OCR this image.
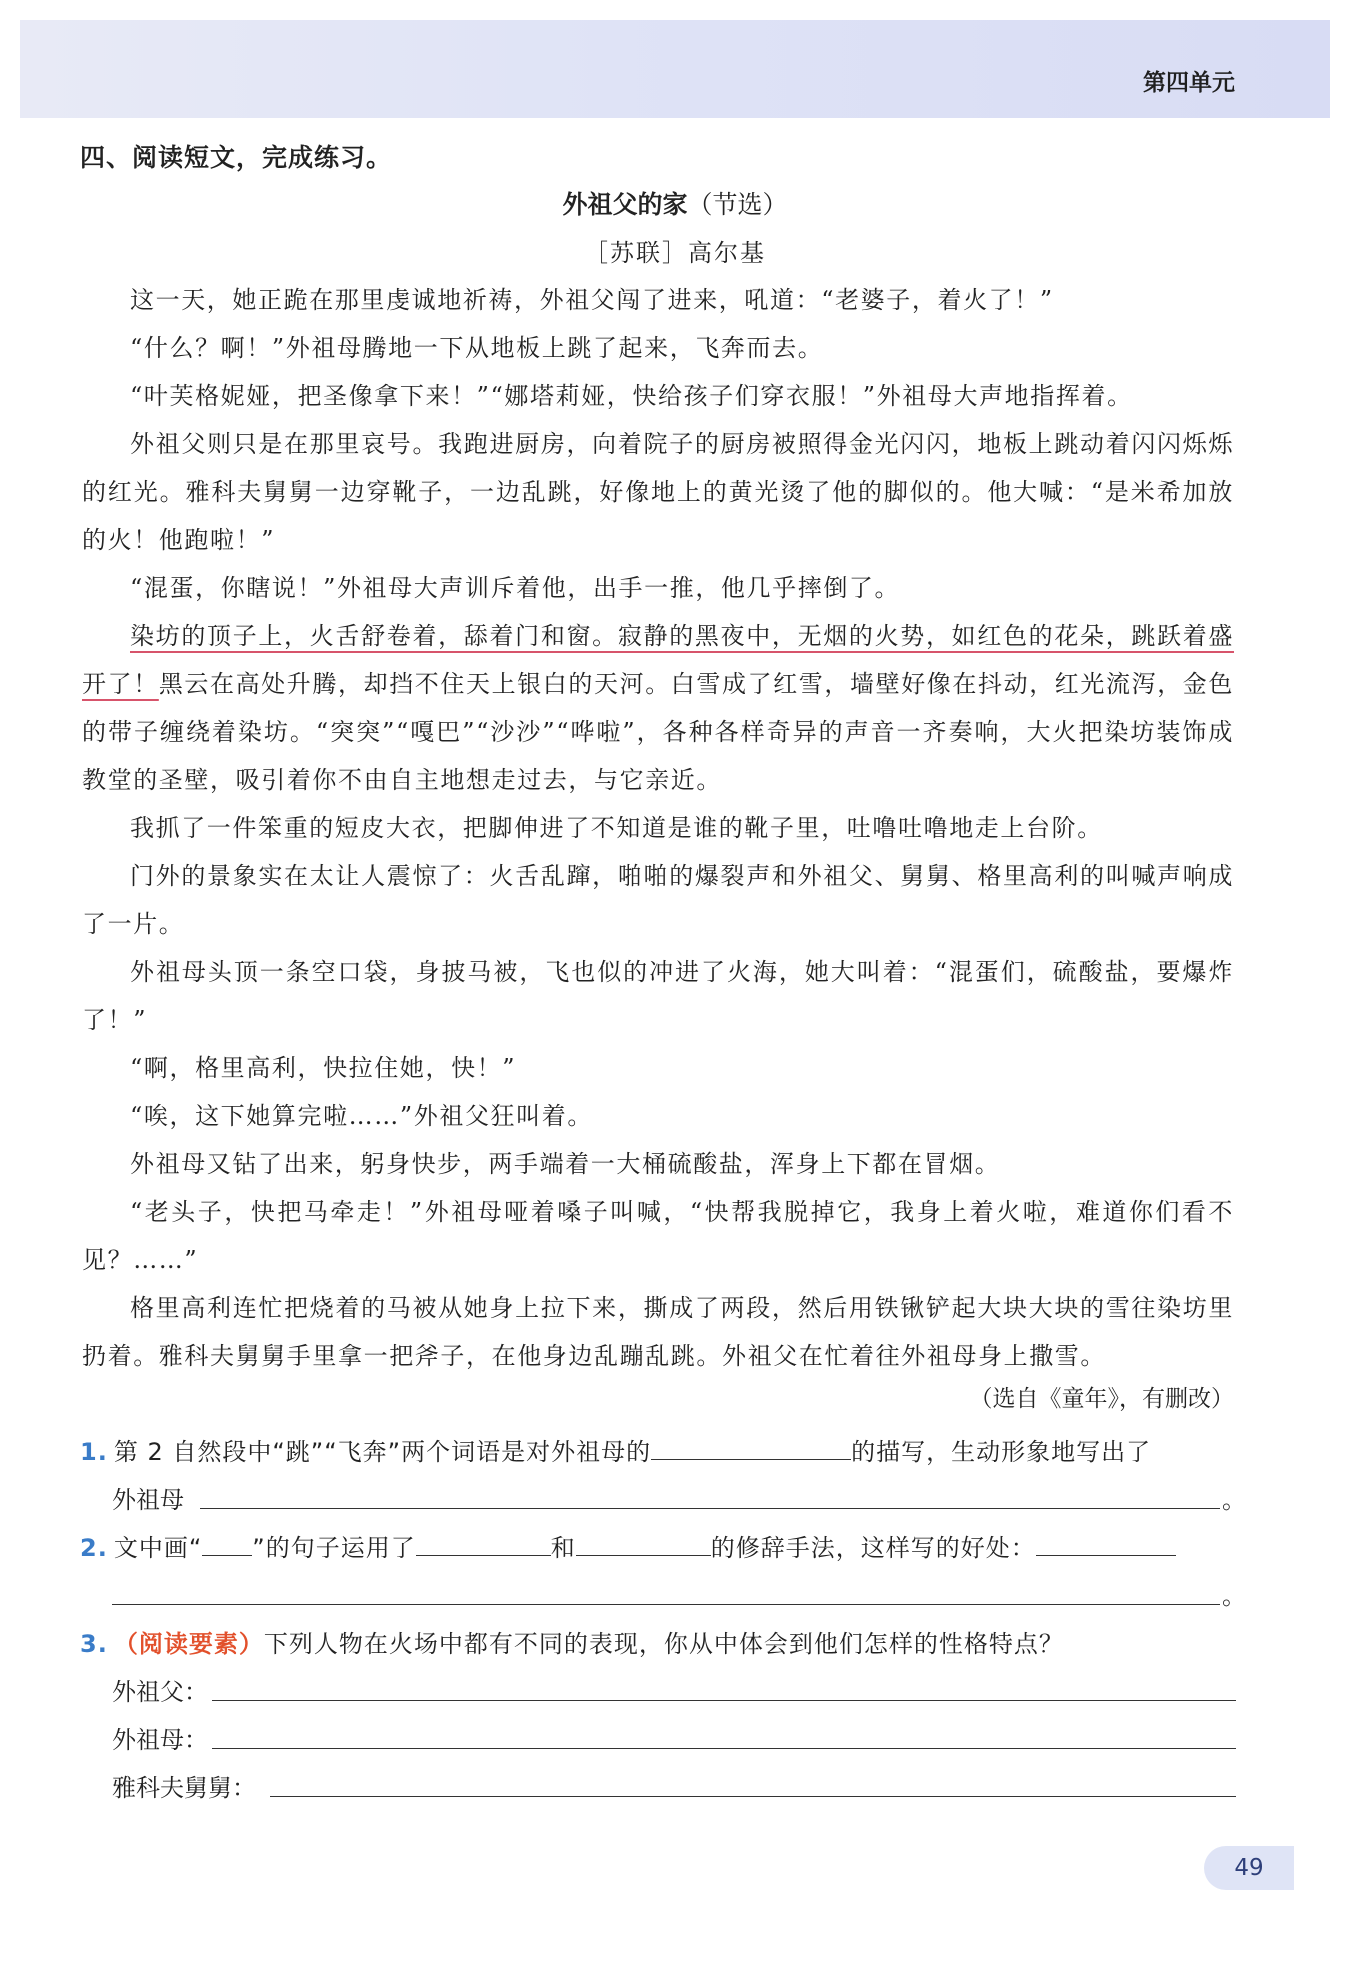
第四单元
四、阅读短文，完成练习。
外祖父的家（节选）
［苏联］高尔基

这一天，她正跪在那里虔诚地祈祷，外祖父闯了进来，吼道：“老婆子，着火了！”

“什么？啊！”外祖母腾地一下从地板上跳了起来，飞奔而去。

“叶芙格妮娅，把圣像拿下来！”“娜塔莉娅，快给孩子们穿衣服！”外祖母大声地指挥着。

外祖父则只是在那里哀号。我跑进厨房，向着院子的厨房被照得金光闪闪，地板上跳动着闪闪烁烁的红光。雅科夫舅舅一边穿靴子，一边乱跳，好像地上的黄光烫了他的脚似的。他大喊：“是米希加放的火！他跑啦！”

“混蛋，你瞎说！”外祖母大声训斥着他，出手一推，他几乎摔倒了。

染坊的顶子上，火舌舒卷着，舔着门和窗。寂静的黑夜中，无烟的火势，如红色的花朵，跳跃着盛开了！黑云在高处升腾，却挡不住天上银白的天河。白雪成了红雪，墙壁好像在抖动，红光流泻，金色的带子缠绕着染坊。“突突”“嘎巴”“沙沙”“哗啦”，各种各样奇异的声音一齐奏响，大火把染坊装饰成教堂的圣壁，吸引着你不由自主地想走过去，与它亲近。

我抓了一件笨重的短皮大衣，把脚伸进了不知道是谁的靴子里，吐噜吐噜地走上台阶。

门外的景象实在太让人震惊了：火舌乱蹿，啪啪的爆裂声和外祖父、舅舅、格里高利的叫喊声响成了一片。

外祖母头顶一条空口袋，身披马被，飞也似的冲进了火海，她大叫着：“混蛋们，硫酸盐，要爆炸了！”

“啊，格里高利，快拉住她，快！”

“唉，这下她算完啦……”外祖父狂叫着。

外祖母又钻了出来，躬身快步，两手端着一大桶硫酸盐，浑身上下都在冒烟。

“老头子，快把马牵走！”外祖母哑着嗓子叫喊，“快帮我脱掉它，我身上着火啦，难道你们看不见？……”

格里高利连忙把烧着的马被从她身上拉下来，撕成了两段，然后用铁锹铲起大块大块的雪往染坊里扔着。雅科夫舅舅手里拿一把斧子，在他身边乱蹦乱跳。外祖父在忙着往外祖母身上撒雪。

（选自《童年》，有删改）
1. 第 2 自然段中“跳”“飞奔”两个词语是对外祖母的	的描写，生动形象地写出了
外祖母	。
2. 文中画“ ”的句子运用了	和	的修辞手法，这样写的好处：
。
3. （阅读要素）下列人物在火场中都有不同的表现，你从中体会到他们怎样的性格特点？
外祖父：
外祖母：
雅科夫舅舅：
49
